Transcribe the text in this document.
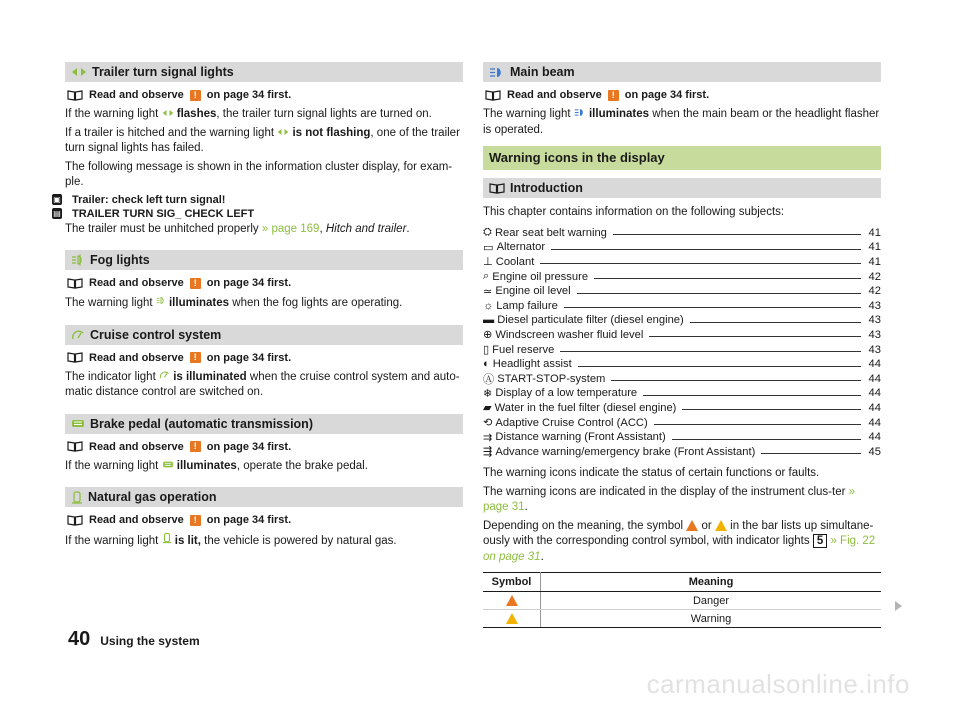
Trailer turn signal lights
Read and observe	! on page 34 first.

If the warning light flashes, the trailer turn signal lights are turned on.

If a trailer is hitched and the warning light is not flashing, one of the trailer turn signal lights has failed.

The following message is shown in the information cluster display, for exam-ple.

▣ Trailer: check left turn signal!
▤ TRAILER TURN SIG_ CHECK LEFT

The trailer must be unhitched properly » page 169, Hitch and trailer.

Fog lights
Read and observe	! on page 34 first.

The warning light illuminates when the fog lights are operating.

Cruise control system
Read and observe	! on page 34 first.

The indicator light is illuminated when the cruise control system and auto-matic distance control are switched on.

Brake pedal (automatic transmission)
Read and observe	! on page 34 first.

If the warning light illuminates, operate the brake pedal.

Natural gas operation
Read and observe	! on page 34 first.

If the warning light is lit, the vehicle is powered by natural gas.

Main beam
Read and observe	! on page 34 first.

The warning light illuminates when the main beam or the headlight flasher is operated.

Warning icons in the display
Introduction

This chapter contains information on the following subjects:

⛭ Rear seat belt warning	41
▭ Alternator	41
⊥ Coolant	41
⌕ Engine oil pressure	42
≃ Engine oil level	42
☼ Lamp failure	43
▬ Diesel particulate filter (diesel engine)	43
⊕ Windscreen washer fluid level	43
▯ Fuel reserve	43
◐ Headlight assist	44
Ⓐ START-STOP-system	44
❄ Display of a low temperature	44
▰ Water in the fuel filter (diesel engine)	44
⟲ Adaptive Cruise Control (ACC)	44
⇉ Distance warning (Front Assistant)	44
⇶ Advance warning/emergency brake (Front Assistant)	45

The warning icons indicate the status of certain functions or faults.

The warning icons are indicated in the display of the instrument clus-ter » page 31.

Depending on the meaning, the symbol or in the bar lists up simultane-ously with the corresponding control symbol, with indicator lights 5 » Fig. 22 on page 31.

Symbol	Meaning
	Danger
	Warning
40 Using the system
carmanualsonline.info
